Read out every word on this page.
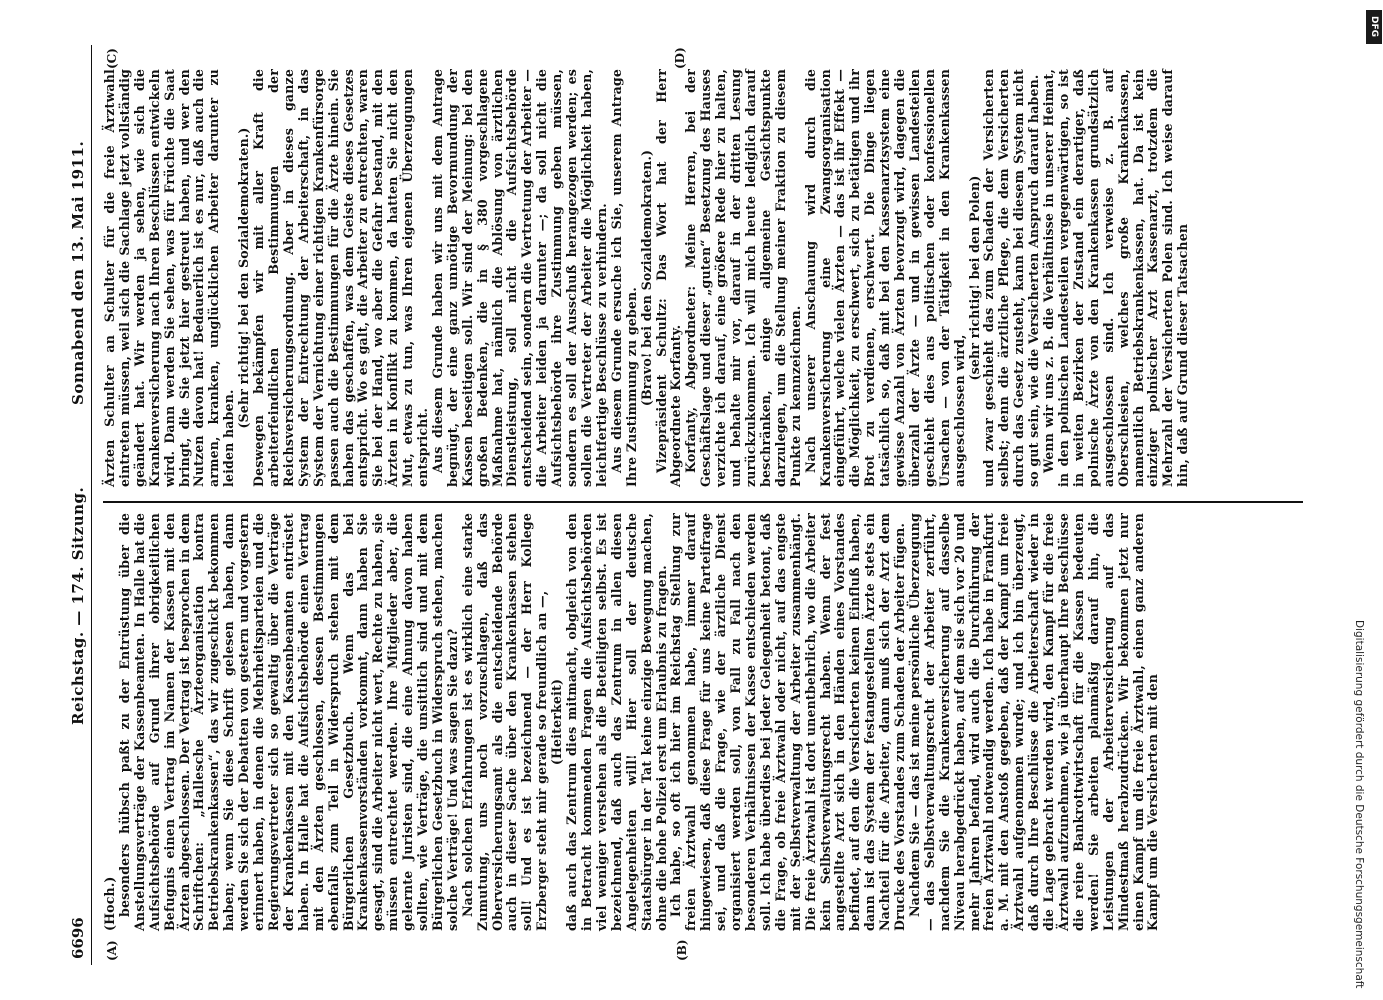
6696
Reichstag. — 174. Sitzung.
Sonnabend den 13. Mai 1911.
(A)	(B)
(C)	(D)

(Hoch.) besonders hübsch paßt zu der Entrüstung über die Anstellungsverträge der Kassenbeamten. In Halle hat die Aufsichtsbehörde auf Grund ihrer obrigkeitlichen Befugnis einen Vertrag im Namen der Kassen mit den Ärzten abgeschlossen. Der Vertrag ist besprochen in dem Schriftchen: „Hallesche Ärzteorganisation kontra Betriebskrankenkassen“, das wir zugeschickt bekommen haben; wenn Sie diese Schrift gelesen haben, dann werden Sie sich der Debatten von gestern und vorgestern erinnert haben, in denen die Mehrheitsparteien und die Regierungsvertreter sich so gewaltig über die Verträge der Krankenkassen mit den Kassenbeamten entrüstet haben. In Halle hat die Aufsichtsbehörde einen Vertrag mit den Ärzten geschlossen, dessen Bestimmungen ebenfalls zum Teil in Widerspruch stehen mit dem Bürgerlichen Gesetzbuch. Wenn das bei Krankenkassenvorständen vorkommt, dann haben Sie gesagt, sind die Arbeiter nicht wert, Rechte zu haben, sie müssen entrechtet werden. Ihre Mitglieder aber, die gelernte Juristen sind, die eine Ahnung davon haben sollten, wie Verträge, die unsittlich sind und mit dem Bürgerlichen Gesetzbuch in Widerspruch stehen, machen solche Verträge! Und was sagen Sie dazu? Nach solchen Erfahrungen ist es wirklich eine starke Zumutung, uns noch vorzuschlagen, daß das Oberversicherungsamt als die entscheidende Behörde auch in dieser Sache über den Krankenkassen stehen soll! Und es ist bezeichnend — der Herr Kollege Erzberger steht mir gerade so freundlich an —, (Heiterkeit) daß auch das Zentrum dies mitmacht, obgleich von den in Betracht kommenden Fragen die Aufsichtsbehörden viel weniger verstehen als die Beteiligten selbst. Es ist bezeichnend, daß auch das Zentrum in allen diesen Angelegenheiten will! Hier soll der deutsche Staatsbürger in der Tat keine einzige Bewegung machen, ohne die hohe Polizei erst um Erlaubnis zu fragen. Ich habe, so oft ich hier im Reichstag Stellung zur freien Ärztwahl genommen habe, immer darauf hingewiesen, daß diese Frage für uns keine Parteifrage sei, und daß die Frage, wie der ärztliche Dienst organisiert werden soll, von Fall zu Fall nach den besonderen Verhältnissen der Kasse entschieden werden soll. Ich habe überdies bei jeder Gelegenheit betont, daß die Frage, ob freie Ärztwahl oder nicht, auf das engste mit der Selbstverwaltung der Arbeiter zusammenhängt. Die freie Ärztwahl ist dort unentbehrlich, wo die Arbeiter kein Selbstverwaltungsrecht haben. Wenn der fest angestellte Arzt sich in den Händen eines Vorstandes befindet, auf den die Versicherten keinen Einfluß haben, dann ist das System der festangestellten Ärzte stets ein Nachteil für die Arbeiter, dann muß sich der Arzt dem Drucke des Vorstandes zum Schaden der Arbeiter fügen. Nachdem Sie — das ist meine persönliche Überzeugung — das Selbstverwaltungsrecht der Arbeiter zerführt, nachdem Sie die Krankenversicherung auf dasselbe Niveau herabgedrückt haben, auf dem sie sich vor 20 und mehr Jahren befand, wird auch die Durchführung der freien Ärztwahl notwendig werden. Ich habe in Frankfurt a. M. mit den Anstoß gegeben, daß der Kampf um freie Ärztwahl aufgenommen wurde; und ich bin überzeugt, daß durch Ihre Beschlüsse die Arbeiterschaft wieder in die Lage gebracht werden wird, den Kampf für die freie Ärztwahl aufzunehmen, wie ja überhaupt Ihre Beschlüsse die reine Bankrottwirtschaft für die Kassen bedeuten werden! Sie arbeiten planmäßig darauf hin, die Leistungen der Arbeiterversicherung auf das Mindestmaß herabzudrücken. Wir bekommen jetzt nur einen Kampf um die freie Ärztwahl, einen ganz anderen Kampf um die Versicherten mit den

Ärzten Schulter an Schulter für die freie Ärztwahl eintreten müssen, weil sich die Sachlage jetzt vollständig geändert hat. Wir werden ja sehen, wie sich die Krankenversicherung nach Ihren Beschlüssen entwickeln wird. Dann werden Sie sehen, was für Früchte die Saat bringt, die Sie jetzt hier gestreut haben, und wer den Nutzen davon hat! Bedauerlich ist es nur, daß auch die armen, kranken, unglücklichen Arbeiter darunter zu leiden haben.

(Sehr richtig! bei den Sozialdemokraten.) Deswegen bekämpfen wir mit aller Kraft die arbeiterfeindlichen Bestimmungen der Reichsversicherungsordnung. Aber in dieses ganze System der Entrechtung der Arbeiterschaft, in das System der Vernichtung einer richtigen Krankenfürsorge passen auch die Bestimmungen für die Ärzte hinein. Sie haben das geschaffen, was dem Geiste dieses Gesetzes entspricht. Wo es galt, die Arbeiter zu entrechten, waren Sie bei der Hand, wo aber die Gefahr bestand, mit den Ärzten in Konflikt zu kommen, da hatten Sie nicht den Mut, etwas zu tun, was Ihren eigenen Überzeugungen entspricht. Aus diesem Grunde haben wir uns mit dem Antrage begnügt, der eine ganz unnötige Bevormundung der Kassen beseitigen soll. Wir sind der Meinung: bei den großen Bedenken, die in § 380 vorgeschlagene Maßnahme hat, nämlich die Ablösung von ärztlichen Dienstleistung, soll nicht die Aufsichtsbehörde entscheidend sein, sondern die Vertretung der Arbeiter — die Arbeiter leiden ja darunter —; da soll nicht die Aufsichtsbehörde ihre Zustimmung geben müssen, sondern es soll der Ausschuß herangezogen werden; es sollen die Vertreter der Arbeiter die Möglichkeit haben, leichtfertige Beschlüsse zu verhindern. Aus diesem Grunde ersuche ich Sie, unserem Antrage Ihre Zustimmung zu geben. (Bravo! bei den Sozialdemokraten.) Vizepräsident Schultz: Das Wort hat der Herr Abgeordnete Korfanty. Korfanty, Abgeordneter: Meine Herren, bei der Geschäftslage und dieser „guten“ Besetzung des Hauses verzichte ich darauf, eine größere Rede hier zu halten, und behalte mir vor, darauf in der dritten Lesung zurückzukommen. Ich will mich heute lediglich darauf beschränken, einige allgemeine Gesichtspunkte darzulegen, um die Stellung meiner Fraktion zu diesem Punkte zu kennzeichnen. Nach unserer Anschauung wird durch die Krankenversicherung eine Zwangsorganisation eingeführt, welche vielen Ärzten — das ist ihr Effekt — die Möglichkeit, zu erschwert, sich zu betätigen und ihr Brot zu verdienen, erschwert. Die Dinge liegen tatsächlich so, daß mit bei den Kassenarztsystem eine gewisse Anzahl von Ärzten bevorzugt wird, dagegen die überzahl der Ärzte — und in gewissen Landesteilen geschieht dies aus politischen oder konfessionellen Ursachen — von der Tätigkeit in den Krankenkassen ausgeschlossen wird,

(sehr richtig! bei den Polen) und zwar geschieht das zum Schaden der Versicherten selbst; denn die ärztliche Pflege, die dem Versicherten durch das Gesetz zusteht, kann bei diesem System nicht so gut sein, wie die Versicherten Anspruch darauf haben. Wenn wir uns z. B. die Verhältnisse in unserer Heimat, in den polnischen Landesteilen vergegenwärtigen, so ist in weiten Bezirken der Zustand ein derartiger, daß polnische Ärzte von den Krankenkassen grundsätzlich ausgeschlossen sind. Ich verweise z. B. auf Oberschlesien, welches große Krankenkassen, namentlich Betriebskrankenkassen, hat. Da ist kein einziger polnischer Arzt Kassenarzt, trotzdem die Mehrzahl der Versicherten Polen sind. Ich weise darauf hin, daß auf Grund dieser Tatsachen

DFG
Digitalisierung gefördert durch die Deutsche Forschungsgemeinschaft
